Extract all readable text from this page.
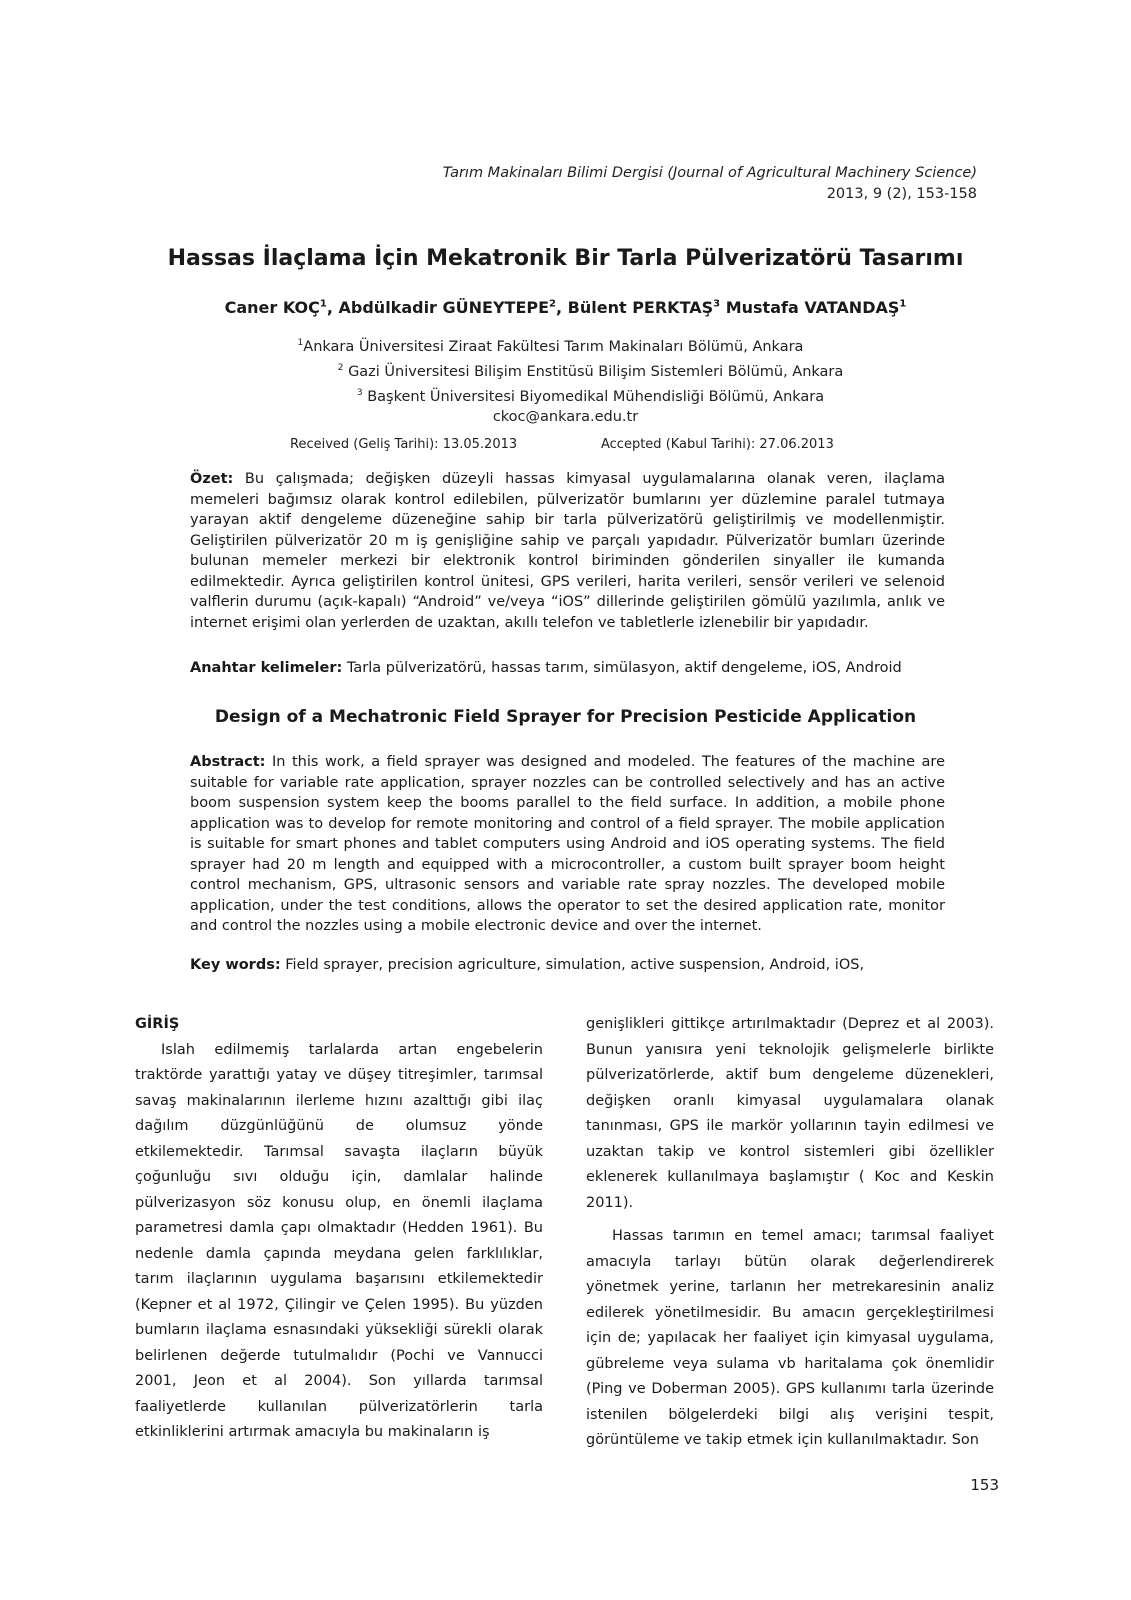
Tarım Makinaları Bilimi Dergisi (Journal of Agricultural Machinery Science)
2013, 9 (2), 153-158
Hassas İlaçlama İçin Mekatronik Bir Tarla Pülverizatörü Tasarımı
Caner KOÇ$^1$, Abdülkadir GÜNEYTEPE$^2$, Bülent PERKTAŞ$^3$ Mustafa VATANDAŞ$^1$
$^1$Ankara Üniversitesi Ziraat Fakültesi Tarım Makinaları Bölümü, Ankara
$^2$ Gazi Üniversitesi Bilişim Enstitüsü Bilişim Sistemleri Bölümü, Ankara
$^3$ Başkent Üniversitesi Biyomedikal Mühendisliği Bölümü, Ankara
ckoc@ankara.edu.tr
Received (Geliş Tarihi): 13.05.2013	Accepted (Kabul Tarihi): 27.06.2013
Özet: Bu çalışmada; değişken düzeyli hassas kimyasal uygulamalarına olanak veren, ilaçlama memeleri bağımsız olarak kontrol edilebilen, pülverizatör bumlarını yer düzlemine paralel tutmaya yarayan aktif dengeleme düzeneğine sahip bir tarla pülverizatörü geliştirilmiş ve modellenmiştir. Geliştirilen pülverizatör 20 m iş genişliğine sahip ve parçalı yapıdadır. Pülverizatör bumları üzerinde bulunan memeler merkezi bir elektronik kontrol biriminden gönderilen sinyaller ile kumanda edilmektedir. Ayrıca geliştirilen kontrol ünitesi, GPS verileri, harita verileri, sensör verileri ve selenoid valflerin durumu (açık-kapalı) “Android” ve/veya “iOS” dillerinde geliştirilen gömülü yazılımla, anlık ve internet erişimi olan yerlerden de uzaktan, akıllı telefon ve tabletlerle izlenebilir bir yapıdadır.
Anahtar kelimeler: Tarla pülverizatörü, hassas tarım, simülasyon, aktif dengeleme, iOS, Android
Design of a Mechatronic Field Sprayer for Precision Pesticide Application
Abstract: In this work, a field sprayer was designed and modeled. The features of the machine are suitable for variable rate application, sprayer nozzles can be controlled selectively and has an active boom suspension system keep the booms parallel to the field surface. In addition, a mobile phone application was to develop for remote monitoring and control of a field sprayer. The mobile application is suitable for smart phones and tablet computers using Android and iOS operating systems. The field sprayer had 20 m length and equipped with a microcontroller, a custom built sprayer boom height control mechanism, GPS, ultrasonic sensors and variable rate spray nozzles. The developed mobile application, under the test conditions, allows the operator to set the desired application rate, monitor and control the nozzles using a mobile electronic device and over the internet.
Key words: Field sprayer, precision agriculture, simulation, active suspension, Android, iOS,
GİRİŞ

Islah edilmemiş tarlalarda artan engebelerin traktörde yarattığı yatay ve düşey titreşimler, tarımsal savaş makinalarının ilerleme hızını azalttığı gibi ilaç dağılım düzgünlüğünü de olumsuz yönde etkilemektedir. Tarımsal savaşta ilaçların büyük çoğunluğu sıvı olduğu için, damlalar halinde pülverizasyon söz konusu olup, en önemli ilaçlama parametresi damla çapı olmaktadır (Hedden 1961). Bu nedenle damla çapında meydana gelen farklılıklar, tarım ilaçlarının uygulama başarısını etkilemektedir (Kepner et al 1972, Çilingir ve Çelen 1995). Bu yüzden bumların ilaçlama esnasındaki yüksekliği sürekli olarak belirlenen değerde tutulmalıdır (Pochi ve Vannucci 2001, Jeon et al 2004). Son yıllarda tarımsal faaliyetlerde kullanılan pülverizatörlerin tarla etkinliklerini artırmak amacıyla bu makinaların iş

genişlikleri gittikçe artırılmaktadır (Deprez et al 2003). Bunun yanısıra yeni teknolojik gelişmelerle birlikte pülverizatörlerde, aktif bum dengeleme düzenekleri, değişken oranlı kimyasal uygulamalara olanak tanınması, GPS ile markör yollarının tayin edilmesi ve uzaktan takip ve kontrol sistemleri gibi özellikler eklenerek kullanılmaya başlamıştır ( Koc and Keskin 2011).

Hassas tarımın en temel amacı; tarımsal faaliyet amacıyla tarlayı bütün olarak değerlendirerek yönetmek yerine, tarlanın her metrekaresinin analiz edilerek yönetilmesidir. Bu amacın gerçekleştirilmesi için de; yapılacak her faaliyet için kimyasal uygulama, gübreleme veya sulama vb haritalama çok önemlidir (Ping ve Doberman 2005). GPS kullanımı tarla üzerinde istenilen bölgelerdeki bilgi alış verişini tespit, görüntüleme ve takip etmek için kullanılmaktadır. Son

153
